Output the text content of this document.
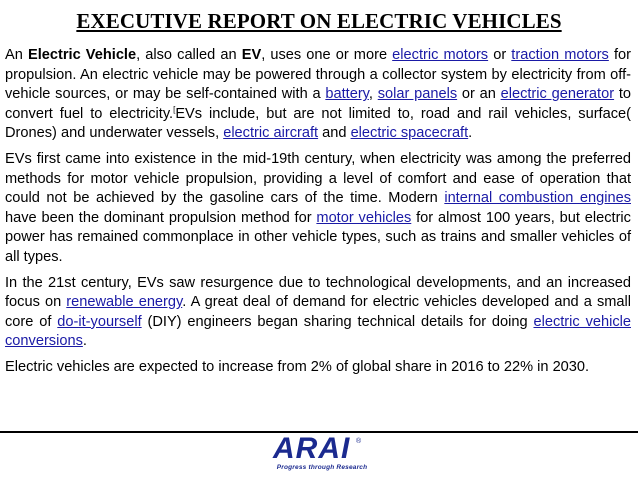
EXECUTIVE REPORT ON ELECTRIC VEHICLES

An Electric Vehicle, also called an EV, uses one or more electric motors or traction motors for propulsion. An electric vehicle may be powered through a collector system by electricity from off-vehicle sources, or may be self-contained with a battery, solar panels or an electric generator to convert fuel to electricity.[EVs include, but are not limited to, road and rail vehicles, surface( Drones) and underwater vessels, electric aircraft and electric spacecraft.

EVs first came into existence in the mid-19th century, when electricity was among the preferred methods for motor vehicle propulsion, providing a level of comfort and ease of operation that could not be achieved by the gasoline cars of the time. Modern internal combustion engines have been the dominant propulsion method for motor vehicles for almost 100 years, but electric power has remained commonplace in other vehicle types, such as trains and smaller vehicles of all types.

In the 21st century, EVs saw resurgence due to technological developments, and an increased focus on renewable energy. A great deal of demand for electric vehicles developed and a small core of do-it-yourself (DIY) engineers began sharing technical details for doing electric vehicle conversions.

Electric vehicles are expected to increase from 2% of global share in 2016 to 22% in 2030.

ARAI ®
Progress through Research
